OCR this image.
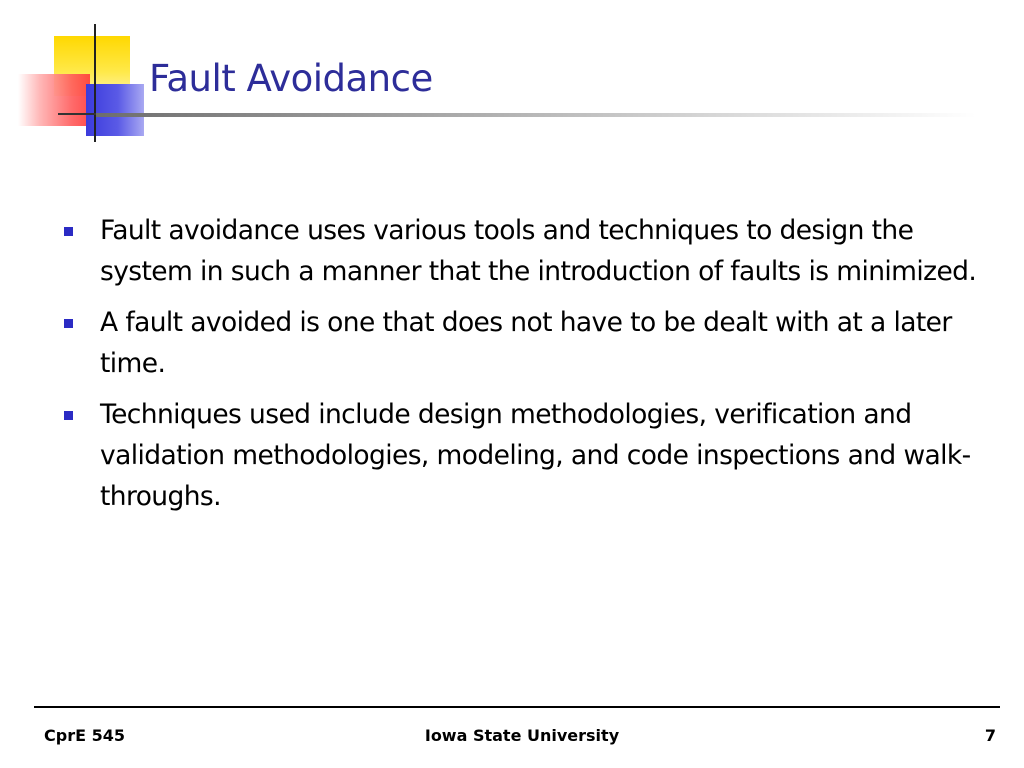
Fault Avoidance
Fault avoidance uses various tools and techniques to design the system in such a manner that the introduction of faults is minimized.
A fault avoided is one that does not have to be dealt with at a later time.
Techniques used include design methodologies, verification and validation methodologies, modeling, and code inspections and walk-throughs.
CprE 545	Iowa State University	7
